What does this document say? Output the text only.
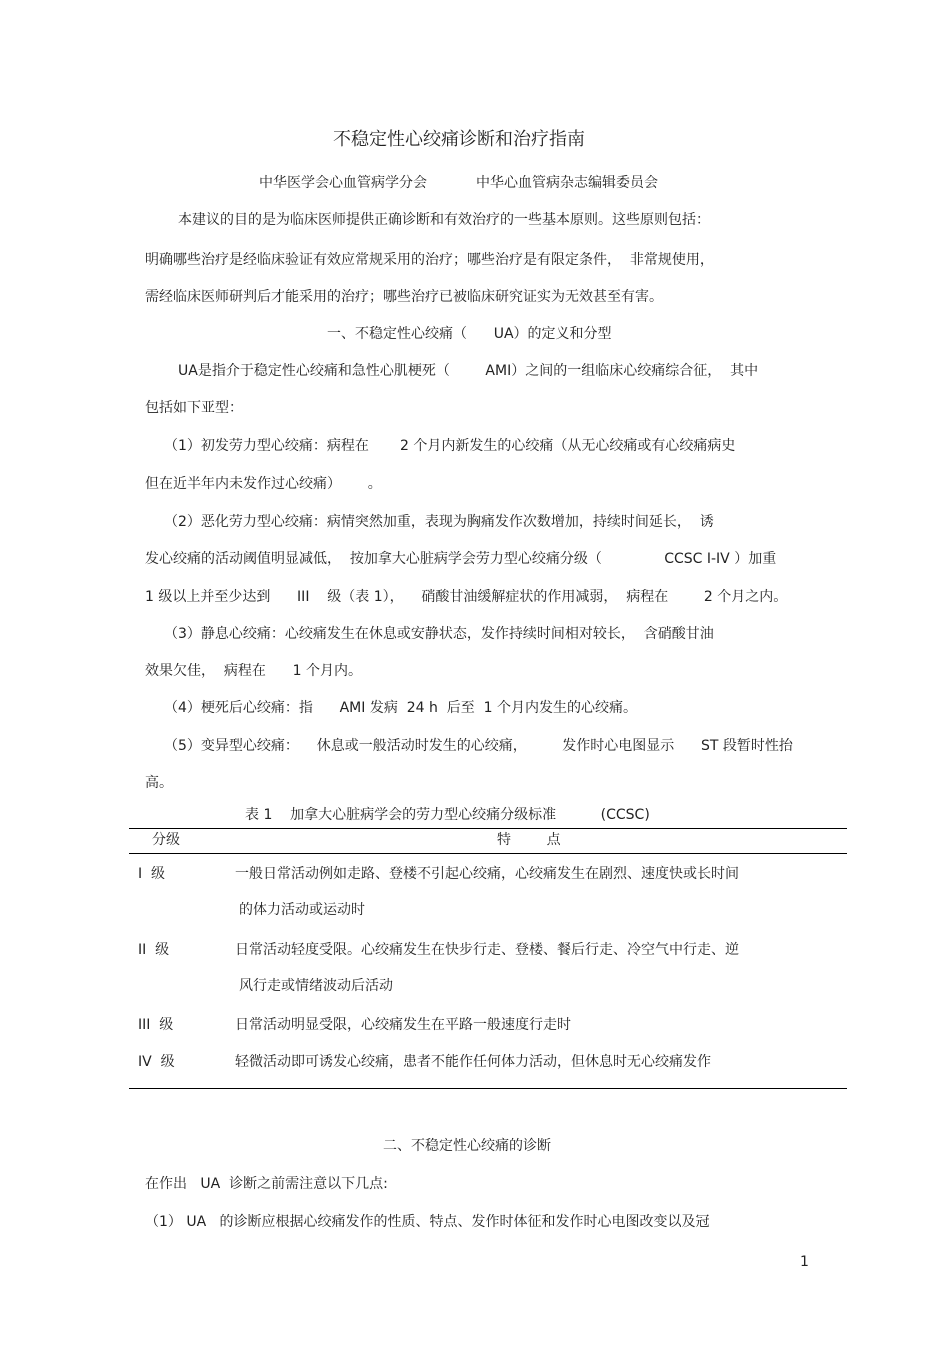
不稳定性心绞痛诊断和治疗指南
中华医学会心血管病学分会	中华心血管病杂志编辑委员会
本建议的目的是为临床医师提供正确诊断和有效治疗的一些基本原则。这些原则包括：
明确哪些治疗是经临床验证有效应常规采用的治疗；哪些治疗是有限定条件，  非常规使用，
需经临床医师研判后才能采用的治疗；哪些治疗已被临床研究证实为无效甚至有害。
一、不稳定性心绞痛（      UA）的定义和分型
UA是指介于稳定性心绞痛和急性心肌梗死（        AMI）之间的一组临床心绞痛综合征，  其中
包括如下亚型：
（1）初发劳力型心绞痛：病程在       2 个月内新发生的心绞痛（从无心绞痛或有心绞痛病史
但在近半年内未发作过心绞痛）      。
（2）恶化劳力型心绞痛：病情突然加重，表现为胸痛发作次数增加，持续时间延长，  诱
发心绞痛的活动阈值明显减低，  按加拿大心脏病学会劳力型心绞痛分级（              CCSC I-IV ）加重
1 级以上并至少达到      III    级（表 1），    硝酸甘油缓解症状的作用减弱，  病程在        2 个月之内。
（3）静息心绞痛：心绞痛发生在休息或安静状态，发作持续时间相对较长，  含硝酸甘油
效果欠佳，  病程在      1 个月内。
（4）梗死后心绞痛：指      AMI 发病  24 h  后至  1 个月内发生的心绞痛。
（5）变异型心绞痛：    休息或一般活动时发生的心绞痛，        发作时心电图显示      ST 段暂时性抬
高。
表 1    加拿大心脏病学会的劳力型心绞痛分级标准          (CCSC)
分级	特        点
I  级	一般日常活动例如走路、登楼不引起心绞痛，心绞痛发生在剧烈、速度快或长时间
的体力活动或运动时
II  级	日常活动轻度受限。心绞痛发生在快步行走、登楼、餐后行走、冷空气中行走、逆
风行走或情绪波动后活动
III  级	日常活动明显受限，心绞痛发生在平路一般速度行走时
IV  级	轻微活动即可诱发心绞痛，患者不能作任何体力活动，但休息时无心绞痛发作
二、不稳定性心绞痛的诊断
在作出   UA  诊断之前需注意以下几点:
（1） UA   的诊断应根据心绞痛发作的性质、特点、发作时体征和发作时心电图改变以及冠
1
